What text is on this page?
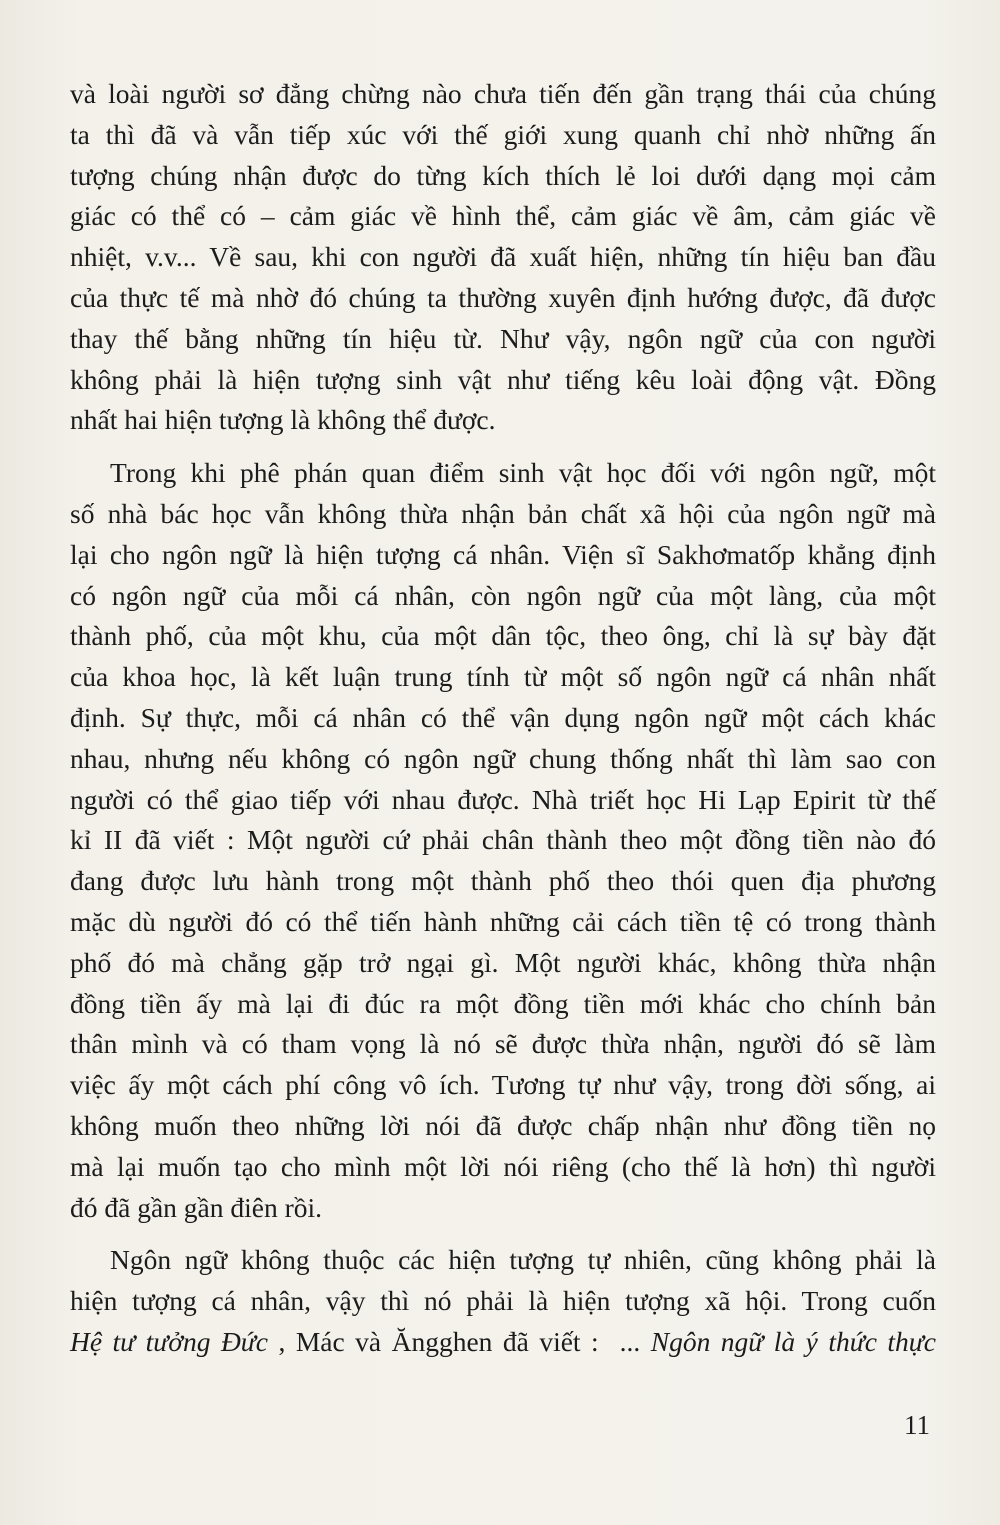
và loài người sơ đẳng chừng nào chưa tiến đến gần trạng thái của chúng
ta thì đã và vẫn tiếp xúc với thế giới xung quanh chỉ nhờ những ấn
tượng chúng nhận được do từng kích thích lẻ loi dưới dạng mọi cảm
giác có thể có – cảm giác về hình thể, cảm giác về âm, cảm giác về
nhiệt, v.v... Về sau, khi con người đã xuất hiện, những tín hiệu ban đầu
của thực tế mà nhờ đó chúng ta thường xuyên định hướng được, đã được
thay thế bằng những tín hiệu từ. Như vậy, ngôn ngữ của con người
không phải là hiện tượng sinh vật như tiếng kêu loài động vật. Đồng
nhất hai hiện tượng là không thể được.
Trong khi phê phán quan điểm sinh vật học đối với ngôn ngữ, một
số nhà bác học vẫn không thừa nhận bản chất xã hội của ngôn ngữ mà
lại cho ngôn ngữ là hiện tượng cá nhân. Viện sĩ Sakhơmatốp khẳng định
có ngôn ngữ của mỗi cá nhân, còn ngôn ngữ của một làng, của một
thành phố, của một khu, của một dân tộc, theo ông, chỉ là sự bày đặt
của khoa học, là kết luận trung tính từ một số ngôn ngữ cá nhân nhất
định. Sự thực, mỗi cá nhân có thể vận dụng ngôn ngữ một cách khác
nhau, nhưng nếu không có ngôn ngữ chung thống nhất thì làm sao con
người có thể giao tiếp với nhau được. Nhà triết học Hi Lạp Epirit từ thế
kỉ II đã viết : Một người cứ phải chân thành theo một đồng tiền nào đó
đang được lưu hành trong một thành phố theo thói quen địa phương
mặc dù người đó có thể tiến hành những cải cách tiền tệ có trong thành
phố đó mà chẳng gặp trở ngại gì. Một người khác, không thừa nhận
đồng tiền ấy mà lại đi đúc ra một đồng tiền mới khác cho chính bản
thân mình và có tham vọng là nó sẽ được thừa nhận, người đó sẽ làm
việc ấy một cách phí công vô ích. Tương tự như vậy, trong đời sống, ai
không muốn theo những lời nói đã được chấp nhận như đồng tiền nọ
mà lại muốn tạo cho mình một lời nói riêng (cho thế là hơn) thì người
đó đã gần gần điên rồi.
Ngôn ngữ không thuộc các hiện tượng tự nhiên, cũng không phải là
hiện tượng cá nhân, vậy thì nó phải là hiện tượng xã hội. Trong cuốn
Hệ tư tưởng Đức , Mác và Ăngghen đã viết :  ... Ngôn ngữ là ý thức thực
11
